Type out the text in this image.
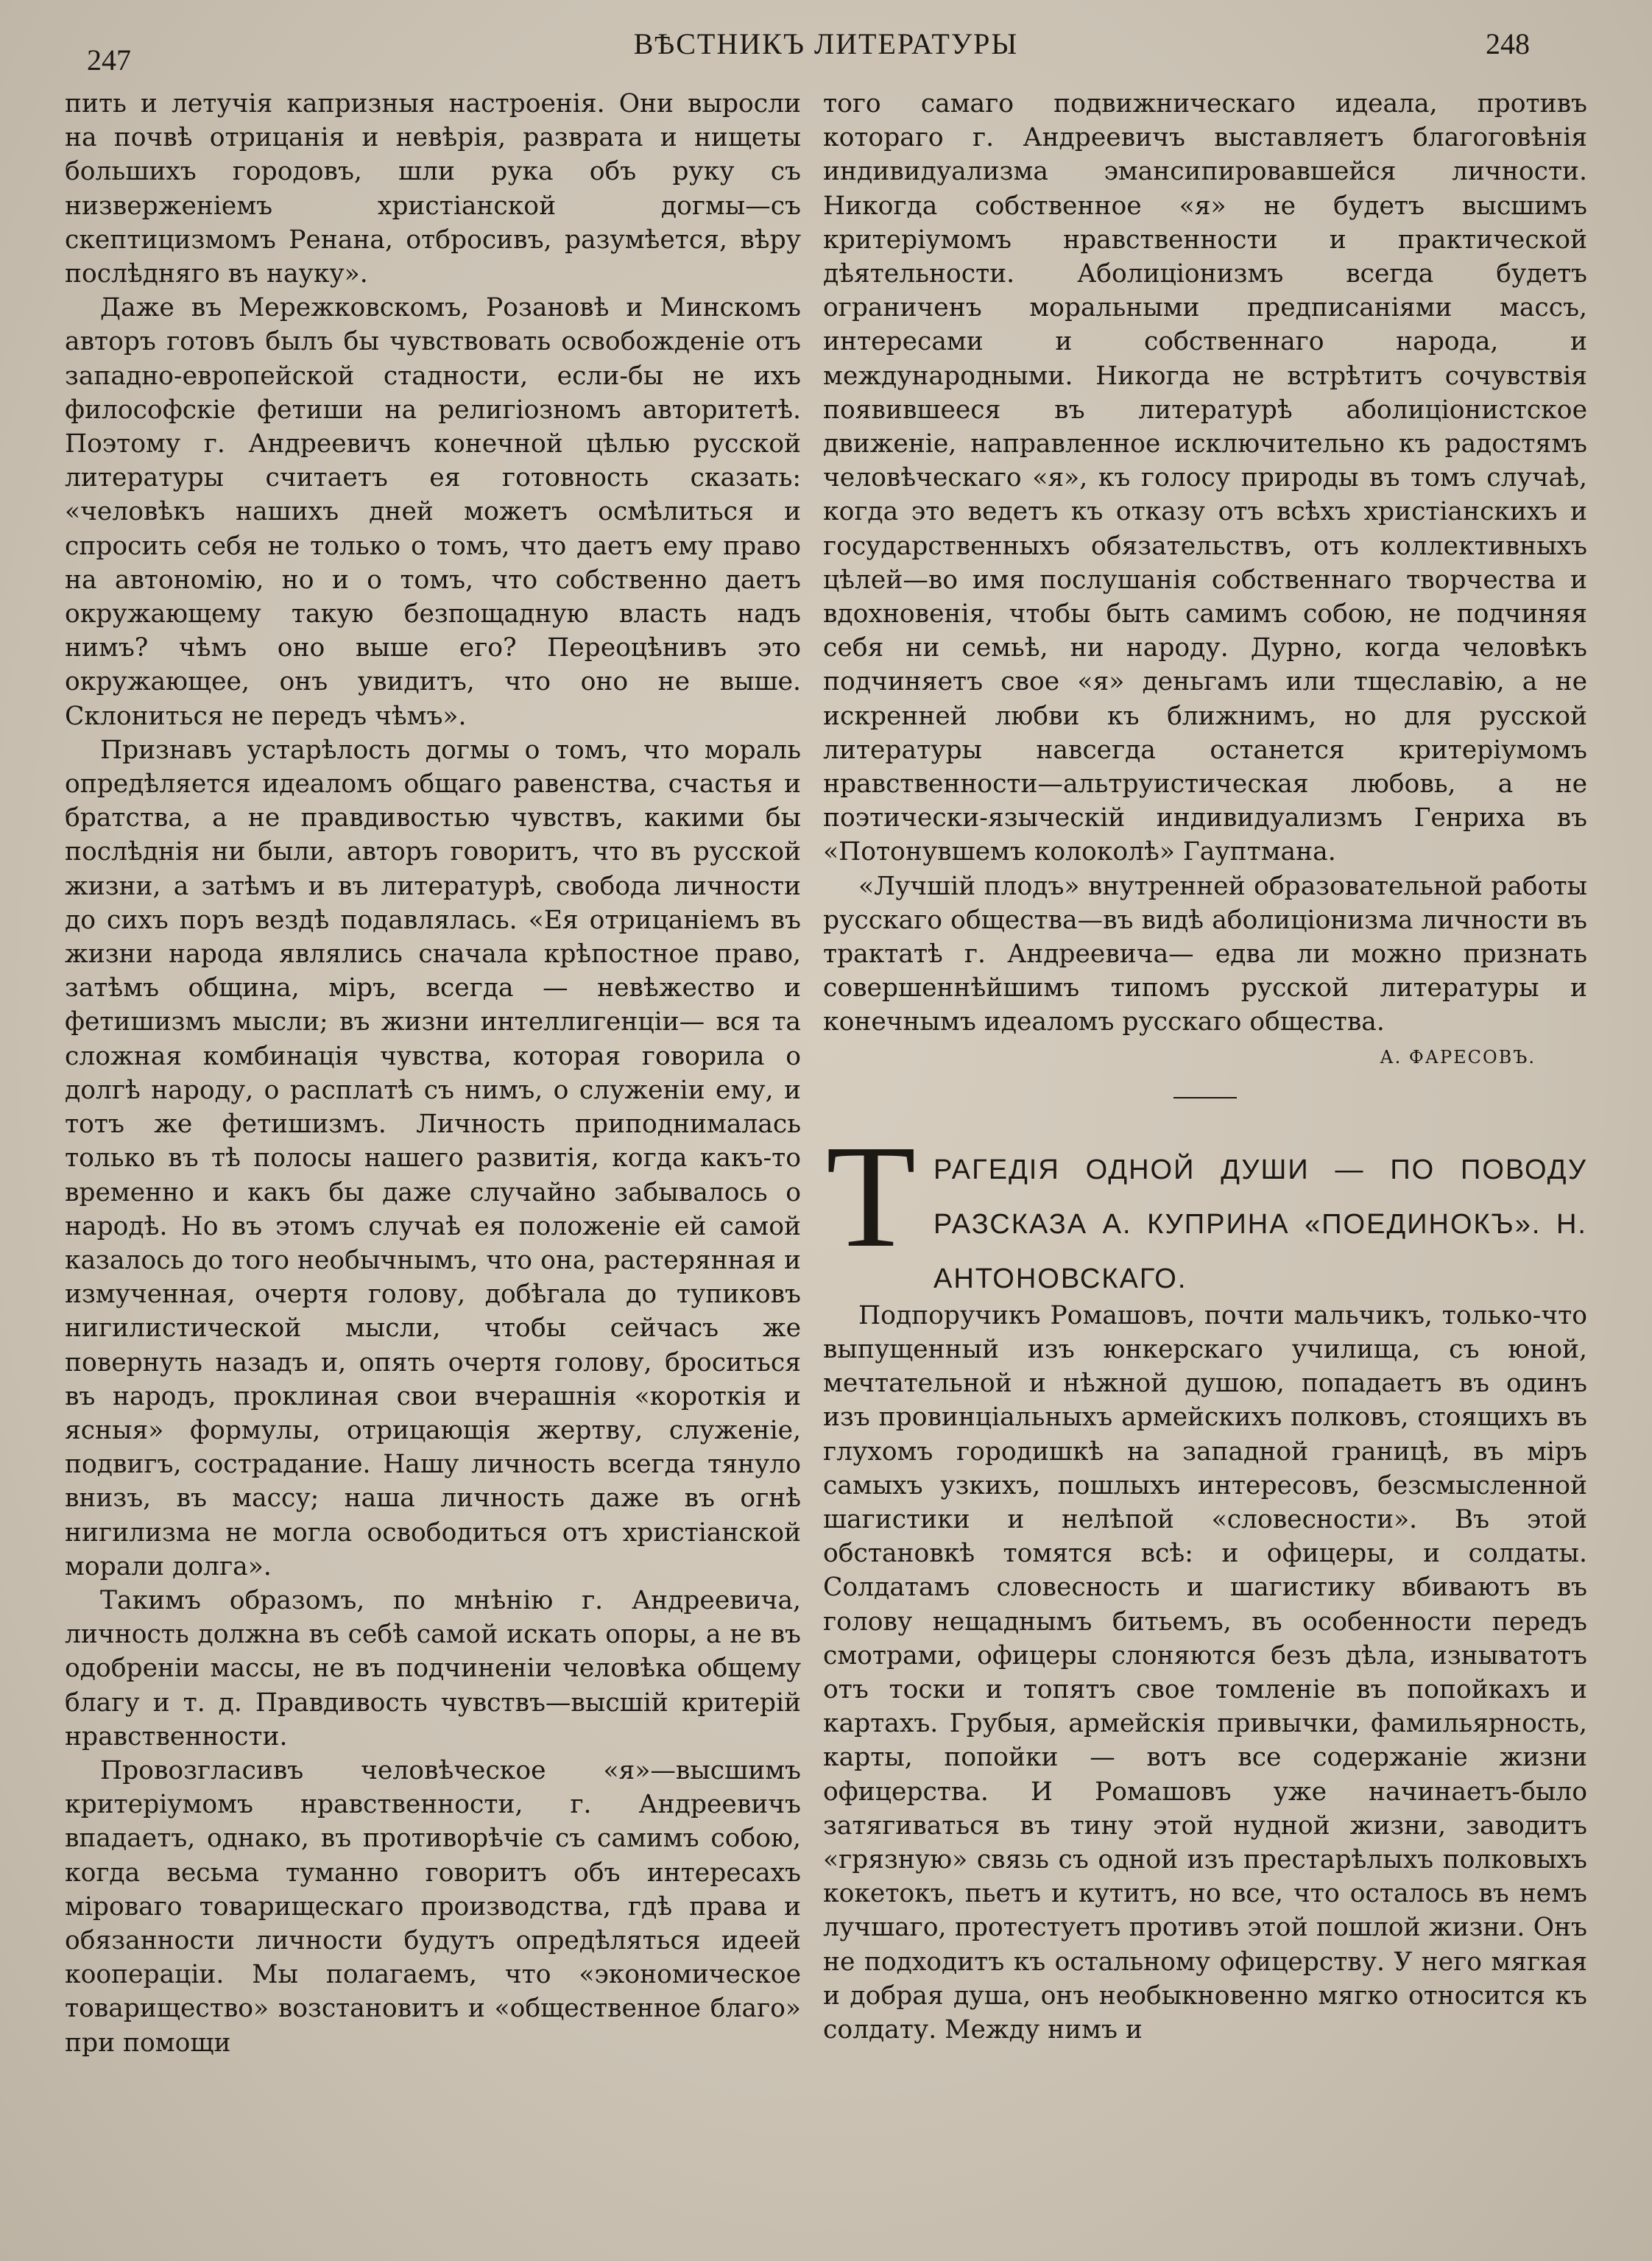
247	ВѢСТНИКЪ ЛИТЕРАТУРЫ	248

пить и летучія капризныя настроенія. Они выросли на почвѣ отрицанія и невѣрія, разврата и нищеты большихъ городовъ, шли рука объ руку съ низверженіемъ христіанской догмы—съ скептицизмомъ Ренана, отбросивъ, разумѣется, вѣру послѣдняго въ науку».

Даже въ Мережковскомъ, Розановѣ и Минскомъ авторъ готовъ былъ бы чувствовать освобожденіе отъ западно-европейской стадности, если-бы не ихъ философскіе фетиши на религіозномъ авторитетѣ. Поэтому г. Андреевичъ конечной цѣлью русской литературы считаетъ ея готовность сказать: «человѣкъ нашихъ дней можетъ осмѣлиться и спросить себя не только о томъ, что даетъ ему право на автономію, но и о томъ, что собственно даетъ окружающему такую безпощадную власть надъ нимъ? чѣмъ оно выше его? Переоцѣнивъ это окружающее, онъ увидитъ, что оно не выше. Склониться не передъ чѣмъ».

Признавъ устарѣлость догмы о томъ, что мораль опредѣляется идеаломъ общаго равенства, счастья и братства, а не правдивостью чувствъ, какими бы послѣднія ни были, авторъ говоритъ, что въ русской жизни, а затѣмъ и въ литературѣ, свобода личности до сихъ поръ вездѣ подавлялась. «Ея отрицаніемъ въ жизни народа являлись сначала крѣпостное право, затѣмъ община, міръ, всегда — невѣжество и фетишизмъ мысли; въ жизни интеллигенціи— вся та сложная комбинація чувства, которая говорила о долгѣ народу, о расплатѣ съ нимъ, о служеніи ему, и тотъ же фетишизмъ. Личность приподнималась только въ тѣ полосы нашего развитія, когда какъ-то временно и какъ бы даже случайно забывалось о народѣ. Но въ этомъ случаѣ ея положеніе ей самой казалось до того необычнымъ, что она, растерянная и измученная, очертя голову, добѣгала до тупиковъ нигилистической мысли, чтобы сейчасъ же повернуть назадъ и, опять очертя голову, броситься въ народъ, проклиная свои вчерашнія «короткія и ясныя» формулы, отрицающія жертву, служеніе, подвигъ, сострадание. Нашу личность всегда тянуло внизъ, въ массу; наша личность даже въ огнѣ нигилизма не могла освободиться отъ христіанской морали долга».

Такимъ образомъ, по мнѣнію г. Андреевича, личность должна въ себѣ самой искать опоры, а не въ одобреніи массы, не въ подчиненіи человѣка общему благу и т. д. Правдивость чувствъ—высшій критерій нравственности.

Провозгласивъ человѣческое «я»—высшимъ критеріумомъ нравственности, г. Андреевичъ впадаетъ, однако, въ противорѣчіе съ самимъ собою, когда весьма туманно говоритъ объ интересахъ міроваго товарищескаго производства, гдѣ права и обязанности личности будутъ опредѣляться идеей коопераціи. Мы полагаемъ, что «экономическое товарищество» возстановитъ и «общественное благо» при помощи

того самаго подвижническаго идеала, противъ котораго г. Андреевичъ выставляетъ благоговѣнія индивидуализма эмансипировавшейся личности. Никогда собственное «я» не будетъ высшимъ критеріумомъ нравственности и практической дѣятельности. Аболиціонизмъ всегда будетъ ограниченъ моральными предписаніями массъ, интересами и собственнаго народа, и международными. Никогда не встрѣтитъ сочувствія появившееся въ литературѣ аболиціонистское движеніе, направленное исключительно къ радостямъ человѣческаго «я», къ голосу природы въ томъ случаѣ, когда это ведетъ къ отказу отъ всѣхъ христіанскихъ и государственныхъ обязательствъ, отъ коллективныхъ цѣлей—во имя послушанія собственнаго творчества и вдохновенія, чтобы быть самимъ собою, не подчиняя себя ни семьѣ, ни народу. Дурно, когда человѣкъ подчиняетъ свое «я» деньгамъ или тщеславію, а не искренней любви къ ближнимъ, но для русской литературы навсегда останется критеріумомъ нравственности—альтруистическая любовь, а не поэтически-языческій индивидуализмъ Генриха въ «Потонувшемъ колоколѣ» Гауптмана.

«Лучшій плодъ» внутренней образовательной работы русскаго общества—въ видѣ аболиціонизма личности въ трактатѣ г. Андреевича— едва ли можно признать совершеннѣйшимъ типомъ русской литературы и конечнымъ идеаломъ русскаго общества.

А. ФАРЕСОВЪ.
Т РАГЕДІЯ ОДНОЙ ДУШИ — ПО ПОВОДУ РАЗСКАЗА А. КУПРИНА «ПОЕДИНОКЪ». Н. АНТОНОВСКАГО.

Подпоручикъ Ромашовъ, почти мальчикъ, только-что выпущенный изъ юнкерскаго училища, съ юной, мечтательной и нѣжной душою, попадаетъ въ одинъ изъ провинціальныхъ армейскихъ полковъ, стоящихъ въ глухомъ городишкѣ на западной границѣ, въ міръ самыхъ узкихъ, пошлыхъ интересовъ, безсмысленной шагистики и нелѣпой «словесности». Въ этой обстановкѣ томятся всѣ: и офицеры, и солдаты. Солдатамъ словесность и шагистику вбиваютъ въ голову нещаднымъ битьемъ, въ особенности передъ смотрами, офицеры слоняются безъ дѣла, изныватотъ отъ тоски и топятъ свое томленіе въ попойкахъ и картахъ. Грубыя, армейскія привычки, фамильярность, карты, попойки — вотъ все содержаніе жизни офицерства. И Ромашовъ уже начинаетъ-было затягиваться въ тину этой нудной жизни, заводитъ «грязную» связь съ одной изъ престарѣлыхъ полковыхъ кокетокъ, пьетъ и кутитъ, но все, что осталось въ немъ лучшаго, протестуетъ противъ этой пошлой жизни. Онъ не подходитъ къ остальному офицерству. У него мягкая и добрая душа, онъ необыкновенно мягко относится къ солдату. Между нимъ и
